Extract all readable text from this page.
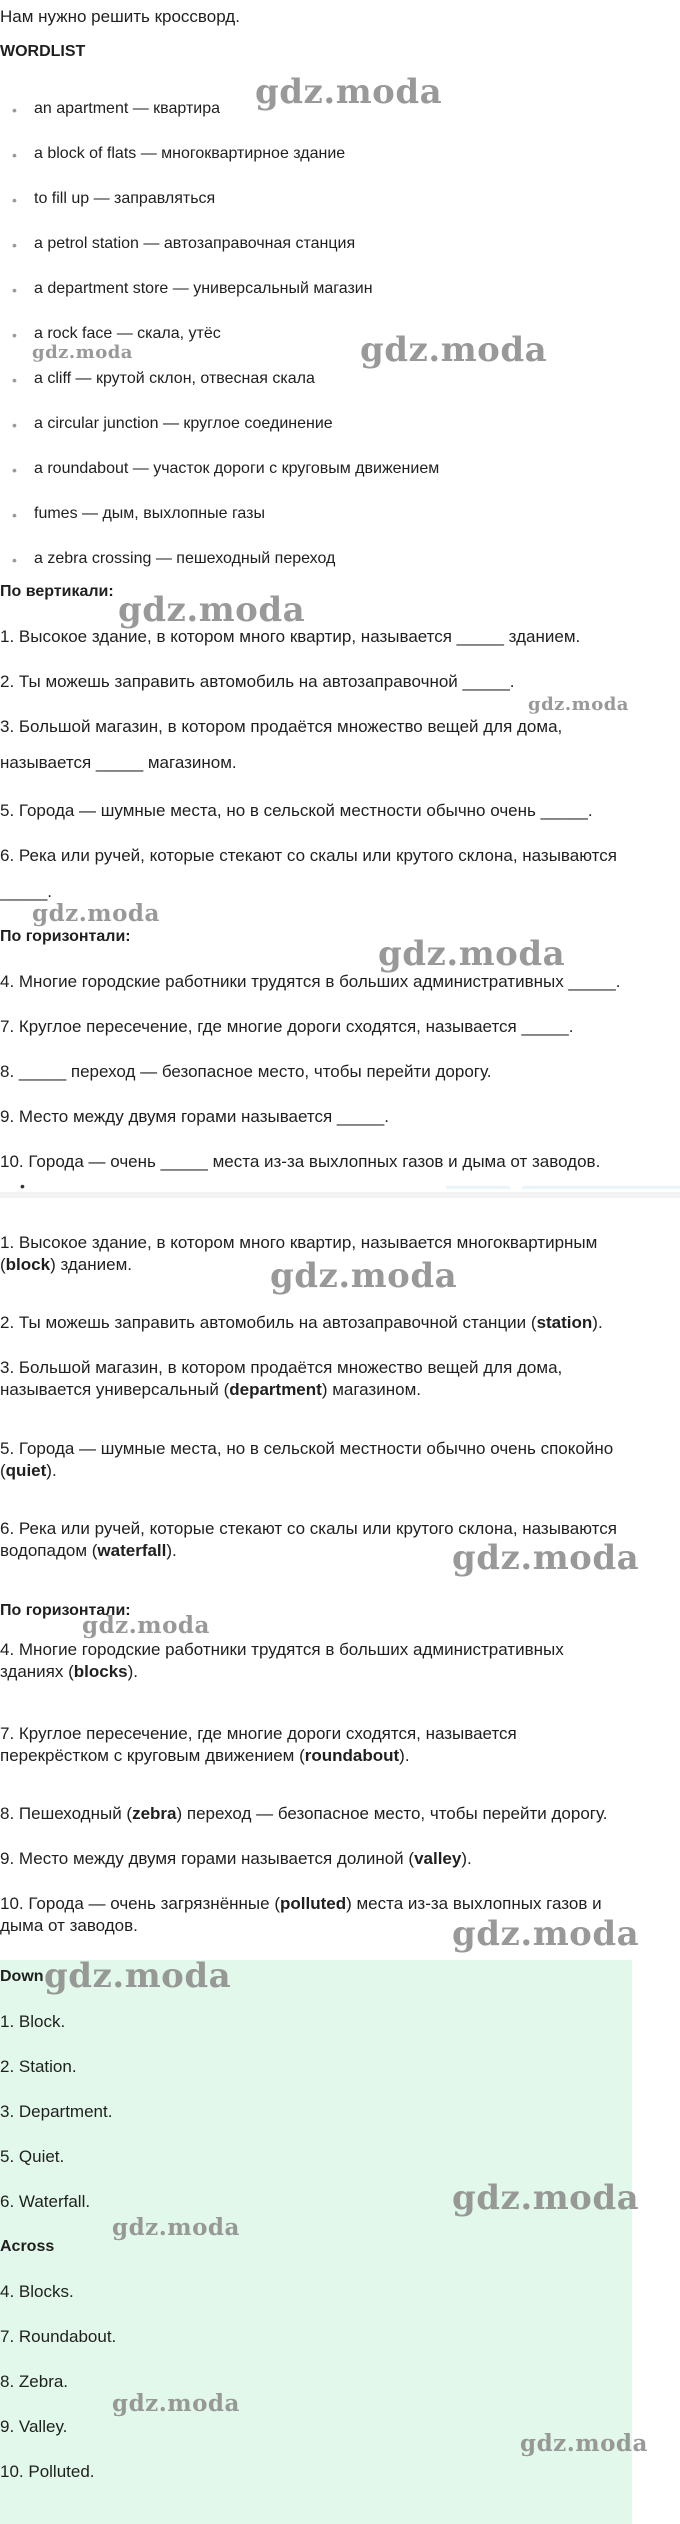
Нам нужно решить кроссворд.

WORDLIST

• an apartment — квартира
• a block of flats — многоквартирное здание
• to fill up — заправляться
• a petrol station — автозаправочная станция
• a department store — универсальный магазин
• a rock face — скала, утёс
• a cliff — крутой склон, отвесная скала
• a circular junction — круглое соединение
• a roundabout — участок дороги с круговым движением
• fumes — дым, выхлопные газы
• a zebra crossing — пешеходный переход

По вертикали:

1. Высокое здание, в котором много квартир, называется _____ зданием.

2. Ты можешь заправить автомобиль на автозаправочной _____.

3. Большой магазин, в котором продаётся множество вещей для дома,

называется _____ магазином.

5. Города — шумные места, но в сельской местности обычно очень _____.

6. Река или ручей, которые стекают со скалы или крутого склона, называются

_____.

По горизонтали:

4. Многие городские работники трудятся в больших административных _____.

7. Круглое пересечение, где многие дороги сходятся, называется _____.

8. _____ переход — безопасное место, чтобы перейти дорогу.

9. Место между двумя горами называется _____.

10. Города — очень _____ места из-за выхлопных газов и дыма от заводов.

•

1. Высокое здание, в котором много квартир, называется многоквартирным
(block) зданием.

2. Ты можешь заправить автомобиль на автозаправочной станции (station).

3. Большой магазин, в котором продаётся множество вещей для дома,
называется универсальный (department) магазином.

5. Города — шумные места, но в сельской местности обычно очень спокойно
(quiet).

6. Река или ручей, которые стекают со скалы или крутого склона, называются
водопадом (waterfall).

По горизонтали:

4. Многие городские работники трудятся в больших административных
зданиях (blocks).

7. Круглое пересечение, где многие дороги сходятся, называется
перекрёстком с круговым движением (roundabout).

8. Пешеходный (zebra) переход — безопасное место, чтобы перейти дорогу.

9. Место между двумя горами называется долиной (valley).

10. Города — очень загрязнённые (polluted) места из-за выхлопных газов и
дыма от заводов.

Down

1. Block.

2. Station.

3. Department.

5. Quiet.

6. Waterfall.

Across

4. Blocks.

7. Roundabout.

8. Zebra.

9. Valley.

10. Polluted.

gdz.moda
gdz.moda
gdz.moda
gdz.moda
gdz.moda
gdz.moda
gdz.moda
gdz.moda
gdz.moda
gdz.moda
gdz.moda
gdz.moda
gdz.moda
gdz.moda
gdz.moda
gdz.moda
